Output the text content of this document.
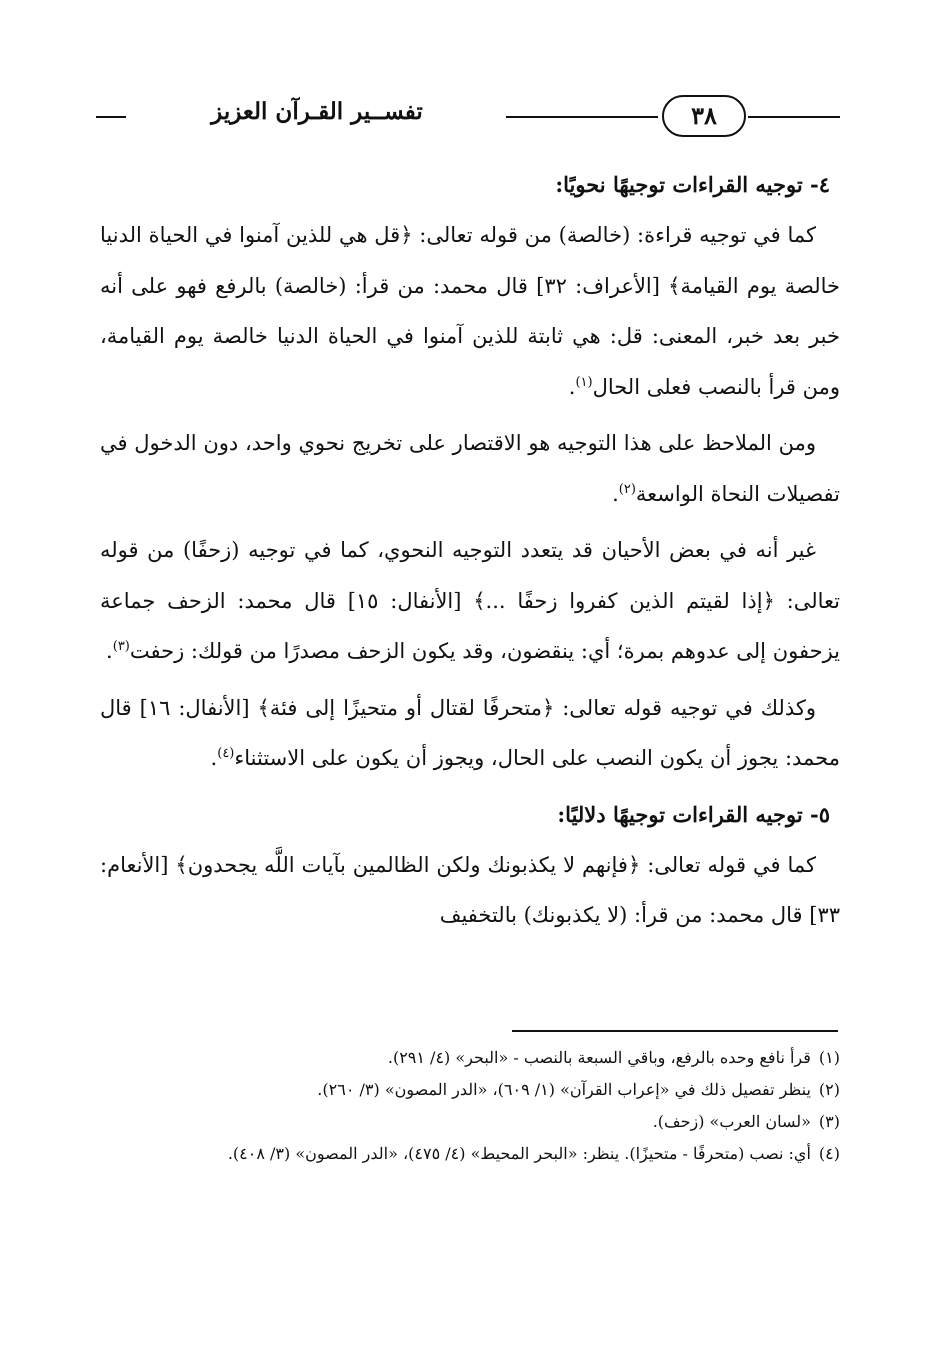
٣٨
تفســير القـرآن العزيز

٤- توجيه القراءات توجيهًا نحويًا:

كما في توجيه قراءة: (خالصة) من قوله تعالى: ﴿قل هي للذين آمنوا في الحياة الدنيا خالصة يوم القيامة﴾ [الأعراف: ٣٢] قال محمد: من قرأ: (خالصة) بالرفع فهو على أنه خبر بعد خبر، المعنى: قل: هي ثابتة للذين آمنوا في الحياة الدنيا خالصة يوم القيامة، ومن قرأ بالنصب فعلى الحال$^{(١)}$.

ومن الملاحظ على هذا التوجيه هو الاقتصار على تخريج نحوي واحد، دون الدخول في تفصيلات النحاة الواسعة$^{(٢)}$.

غير أنه في بعض الأحيان قد يتعدد التوجيه النحوي، كما في توجيه (زحفًا) من قوله تعالى: ﴿إذا لقيتم الذين كفروا زحفًا ...﴾ [الأنفال: ١٥] قال محمد: الزحف جماعة يزحفون إلى عدوهم بمرة؛ أي: ينقضون، وقد يكون الزحف مصدرًا من قولك: زحفت$^{(٣)}$.

وكذلك في توجيه قوله تعالى: ﴿متحرفًا لقتال أو متحيزًا إلى فئة﴾ [الأنفال: ١٦] قال محمد: يجوز أن يكون النصب على الحال، ويجوز أن يكون على الاستثناء$^{(٤)}$.

٥- توجيه القراءات توجيهًا دلاليًا:

كما في قوله تعالى: ﴿فإنهم لا يكذبونك ولكن الظالمين بآيات اللَّه يجحدون﴾ [الأنعام: ٣٣] قال محمد: من قرأ: (لا يكذبونك) بالتخفيف

(١)قرأ نافع وحده بالرفع، وباقي السبعة بالنصب - «البحر» (٤/ ٢٩١).

(٢)ينظر تفصيل ذلك في «إعراب القرآن» (١/ ٦٠٩)، «الدر المصون» (٣/ ٢٦٠).

(٣)«لسان العرب» (زحف).

(٤)أي: نصب (متحرفًا - متحيزًا). ينظر: «البحر المحيط» (٤/ ٤٧٥)، «الدر المصون» (٣/ ٤٠٨).
